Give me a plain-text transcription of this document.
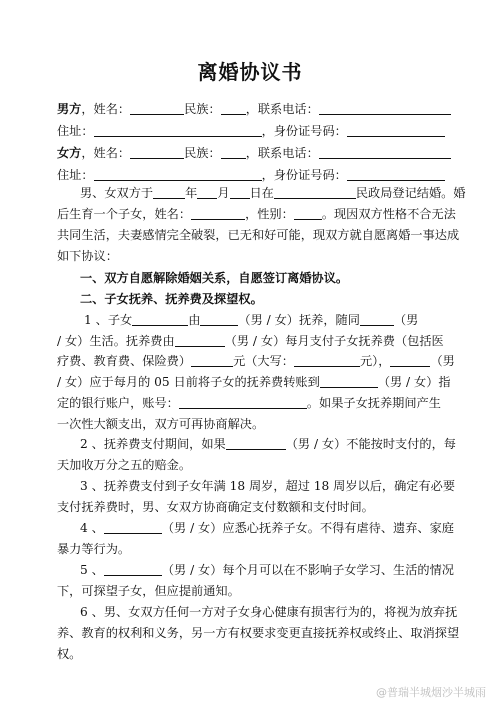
离婚协议书
男方，姓名：	民族： ，联系电话：
住址：	，身份证号码：
女方，姓名：	民族： ，联系电话：
住址：	，身份证号码：
男、女双方于	年 月 日在	民政局登记结婚。婚
后生育一个子女，姓名：	，性别： 。现因双方性格不合无法
共同生活，夫妻感情完全破裂，已无和好可能，现双方就自愿离婚一事达成
如下协议：
一、双方自愿解除婚姻关系，自愿签订离婚协议。
二、子女抚养、抚养费及探望权。
1 、子女	由	（男 / 女）抚养，随同	（男
/ 女）生活。抚养费由	（男 / 女）每月支付子女抚养费（包括医
疗费、教育费、保险费）	元（大写：	元），	（男
/ 女）应于每月的 05 日前将子女的抚养费转账到	（男 / 女）指
定的银行账户，账号：	。如果子女抚养期间产生
一次性大额支出，双方可再协商解决。
2 、抚养费支付期间，如果	（男 / 女）不能按时支付的，每
天加收万分之五的赔金。
3 、抚养费支付到子女年满 18 周岁，超过 18 周岁以后，确定有必要
支付抚养费时，男、女双方协商确定支付数额和支付时间。
4 、	（男 / 女）应悉心抚养子女。不得有虐待、遗弃、家庭
暴力等行为。
5 、	（男 / 女）每个月可以在不影响子女学习、生活的情况
下，可探望子女，但应提前通知。
6 、男、女双方任何一方对子女身心健康有损害行为的，将视为放弃抚
养、教育的权利和义务，另一方有权要求变更直接抚养权或终止、取消探望
权。
@普瑞半城烟沙半城雨
